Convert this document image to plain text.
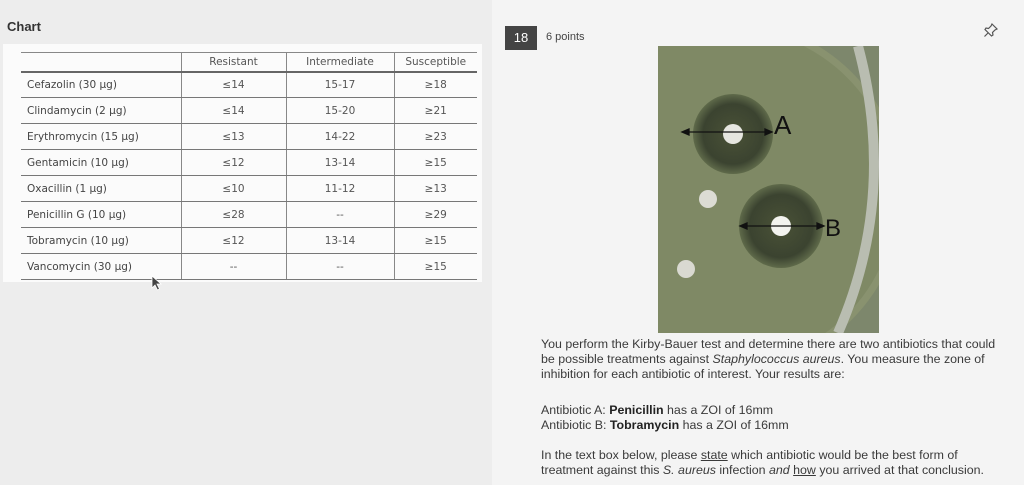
Chart
	Resistant	Intermediate	Susceptible
Cefazolin (30 µg)	≤14	15-17	≥18
Clindamycin (2 µg)	≤14	15-20	≥21
Erythromycin (15 µg)	≤13	14-22	≥23
Gentamicin (10 µg)	≤12	13-14	≥15
Oxacillin (1 µg)	≤10	11-12	≥13
Penicillin G (10 µg)	≤28	--	≥29
Tobramycin (10 µg)	≤12	13-14	≥15
Vancomycin (30 µg)	--	--	≥15
18	6 points
A
B
You perform the Kirby-Bauer test and determine there are two antibiotics that could be possible treatments against Staphylococcus aureus. You measure the zone of inhibition for each antibiotic of interest. Your results are:
Antibiotic A: Penicillin has a ZOI of 16mm
Antibiotic B: Tobramycin has a ZOI of 16mm
In the text box below, please state which antibiotic would be the best form of treatment against this S. aureus infection and how you arrived at that conclusion.
